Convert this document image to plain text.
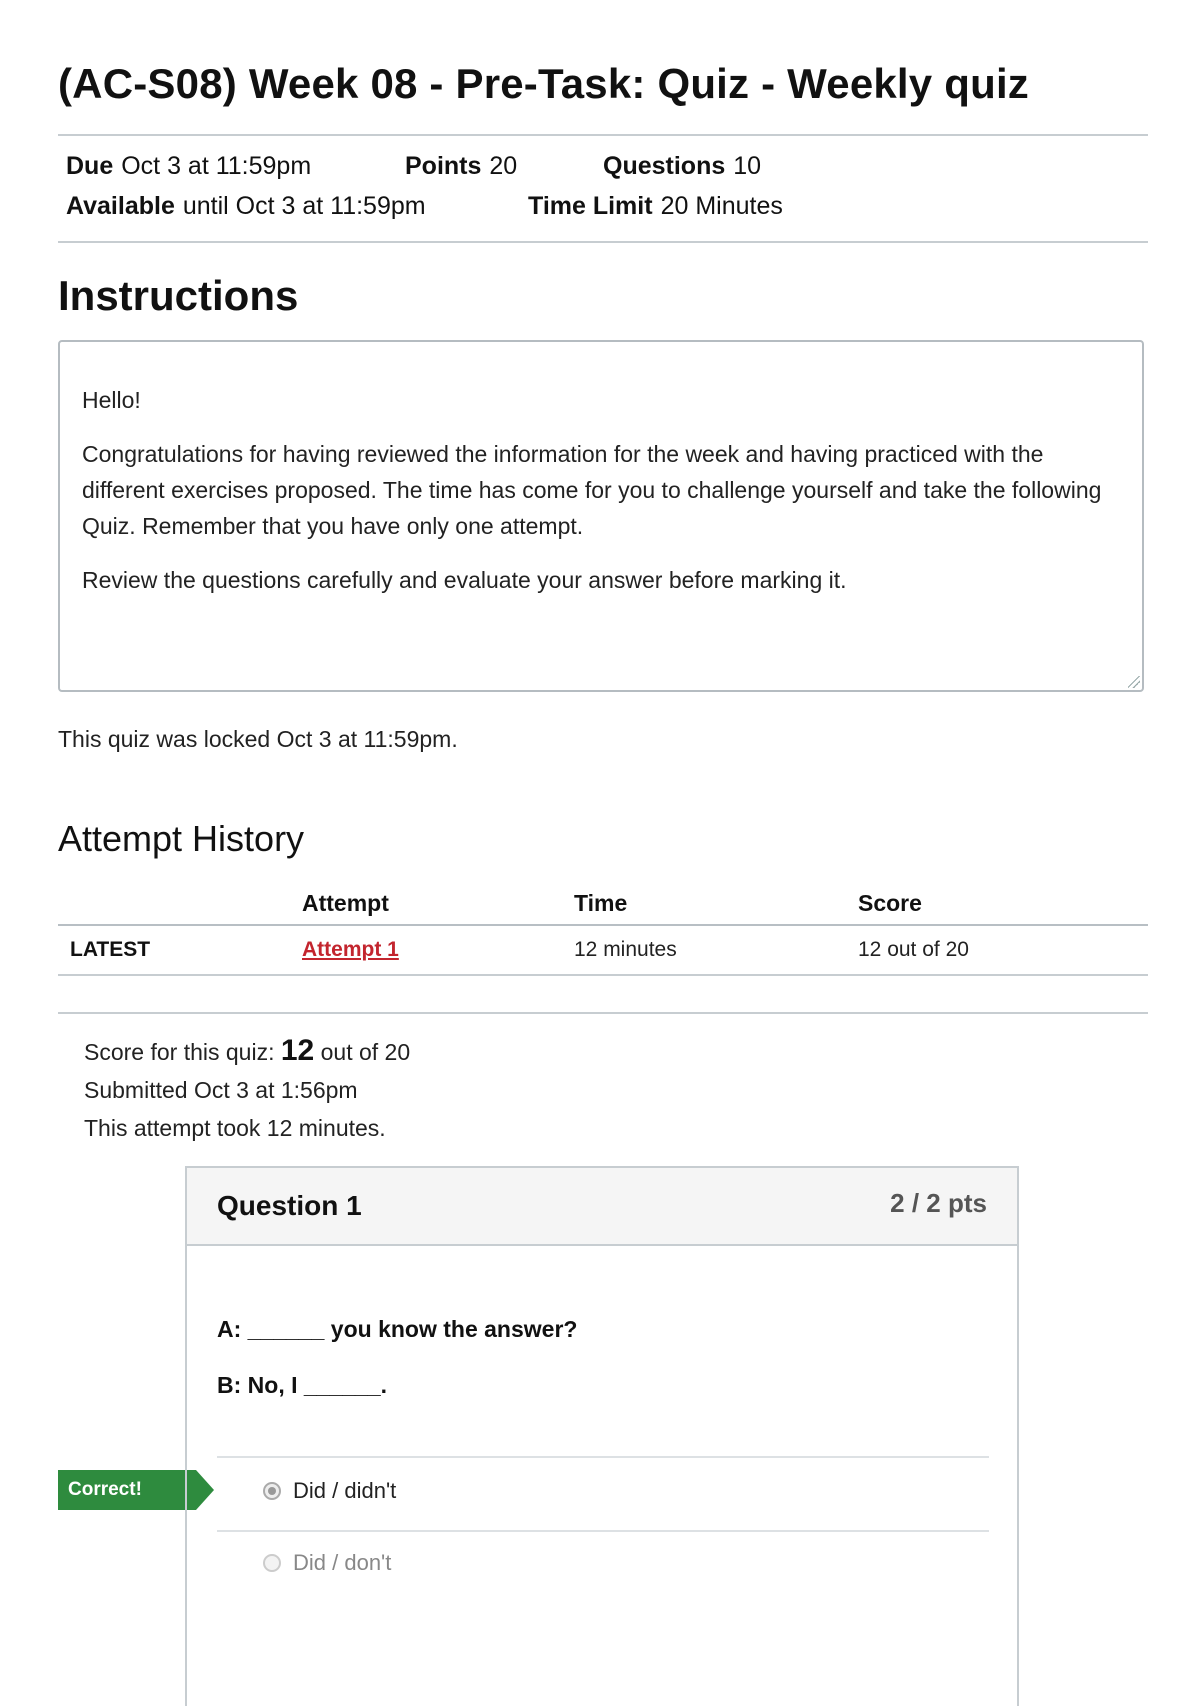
(AC-S08) Week 08 - Pre-Task: Quiz - Weekly quiz
Due Oct 3 at 11:59pm	Points 20	Questions 10
Available until Oct 3 at 11:59pm	Time Limit 20 Minutes
Instructions

Hello!

Congratulations for having reviewed the information for the week and having practiced with the different exercises proposed. The time has come for you to challenge yourself and take the following Quiz. Remember that you have only one attempt.

Review the questions carefully and evaluate your answer before marking it.

This quiz was locked Oct 3 at 11:59pm.
Attempt History
	Attempt	Time	Score
LATEST	Attempt 1	12 minutes	12 out of 20
Score for this quiz: 12 out of 20
Submitted Oct 3 at 1:56pm
This attempt took 12 minutes.
Correct!
Question 1	2 / 2 pts
A: ______ you know the answer?
B: No, I ______.
Did / didn't
Did / don't
